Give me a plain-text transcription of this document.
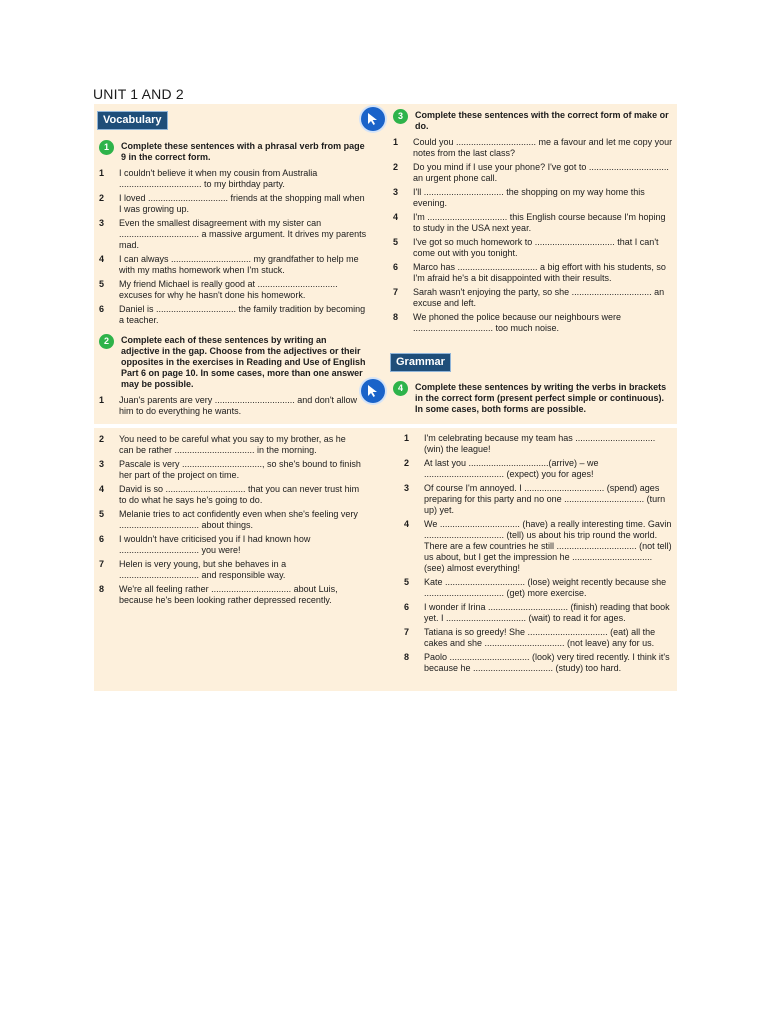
UNIT 1 AND 2
Vocabulary
Grammar
1	Complete these sentences with a phrasal verb from page 9 in the correct form.
1 I couldn't believe it when my cousin from Australia ................................. to my birthday party.
2 I loved ................................ friends at the shopping mall when I was growing up.
3 Even the smallest disagreement with my sister can ................................ a massive argument. It drives my parents mad.
4 I can always ................................ my grandfather to help me with my maths homework when I'm stuck.
5 My friend Michael is really good at ................................ excuses for why he hasn't done his homework.
6 Daniel is ................................ the family tradition by becoming a teacher.
2	Complete each of these sentences by writing an adjective in the gap. Choose from the adjectives or their opposites in the exercises in Reading and Use of English Part 6 on page 10. In some cases, more than one answer may be possible.
1 Juan's parents are very ................................ and don't allow him to do everything he wants.
2 You need to be careful what you say to my brother, as he can be rather ................................ in the morning.
3 Pascale is very ................................, so she's bound to finish her part of the project on time.
4 David is so ................................ that you can never trust him to do what he says he's going to do.
5 Melanie tries to act confidently even when she's feeling very ................................ about things.
6 I wouldn't have criticised you if I had known how ................................ you were!
7 Helen is very young, but she behaves in a ................................ and responsible way.
8 We're all feeling rather ................................ about Luis, because he's been looking rather depressed recently.
3	Complete these sentences with the correct form of make or do.
1 Could you ................................ me a favour and let me copy your notes from the last class?
2 Do you mind if I use your phone? I've got to ................................ an urgent phone call.
3 I'll ................................ the shopping on my way home this evening.
4 I'm ................................ this English course because I'm hoping to study in the USA next year.
5 I've got so much homework to ................................ that I can't come out with you tonight.
6 Marco has ................................ a big effort with his students, so I'm afraid he's a bit disappointed with their results.
7 Sarah wasn't enjoying the party, so she ................................ an excuse and left.
8 We phoned the police because our neighbours were ................................ too much noise.
4	Complete these sentences by writing the verbs in brackets in the correct form (present perfect simple or continuous). In some cases, both forms are possible.
1 I'm celebrating because my team has ................................ (win) the league!
2 At last you ................................(arrive) – we ................................ (expect) you for ages!
3 Of course I'm annoyed. I ................................ (spend) ages preparing for this party and no one ................................ (turn up) yet.
4 We ................................ (have) a really interesting time. Gavin ................................ (tell) us about his trip round the world. There are a few countries he still ................................ (not tell) us about, but I get the impression he ................................ (see) almost everything!
5 Kate ................................ (lose) weight recently because she ................................ (get) more exercise.
6 I wonder if Irina ................................ (finish) reading that book yet. I ................................ (wait) to read it for ages.
7 Tatiana is so greedy! She ................................ (eat) all the cakes and she ................................ (not leave) any for us.
8 Paolo ................................ (look) very tired recently. I think it's because he ................................ (study) too hard.
